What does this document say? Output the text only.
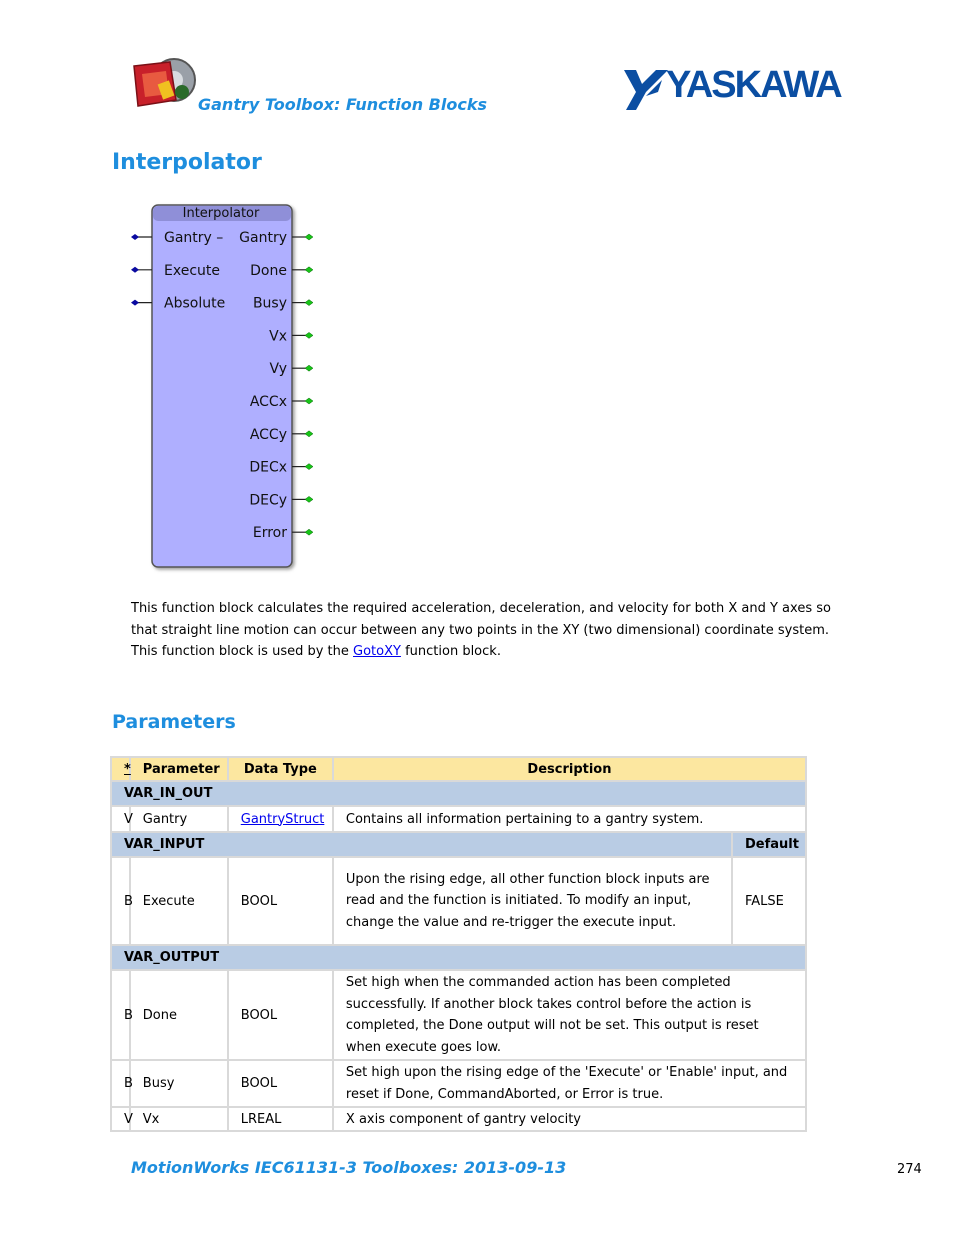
Gantry Toolbox: Function Blocks	YASKAWA
Interpolator
Interpolator
Gantry –
Execute
Absolute
Gantry
Done
Busy
Vx
Vy
ACCx
ACCy
DECx
DECy
Error

This function block calculates the required acceleration, deceleration, and velocity for both X and Y axes so that straight line motion can occur between any two points in the XY (two dimensional) coordinate system. This function block is used by the GotoXY function block.

Parameters
*	Parameter	Data Type	Description	
VAR_IN_OUT				
V	Gantry	GantryStruct	Contains all information pertaining to a gantry system.	
VAR_INPUT				Default
B	Execute	BOOL	Upon the rising edge, all other function block inputs are read and the function is initiated. To modify an input, change the value and re-trigger the execute input.	FALSE
VAR_OUTPUT				
B	Done	BOOL	Set high when the commanded action has been completed successfully. If another block takes control before the action is completed, the Done output will not be set. This output is reset when execute goes low.	
B	Busy	BOOL	Set high upon the rising edge of the 'Execute' or 'Enable' input, and reset if Done, CommandAborted, or Error is true.	
V	Vx	LREAL	X axis component of gantry velocity	
MotionWorks IEC61131-3 Toolboxes: 2013-09-13	274
